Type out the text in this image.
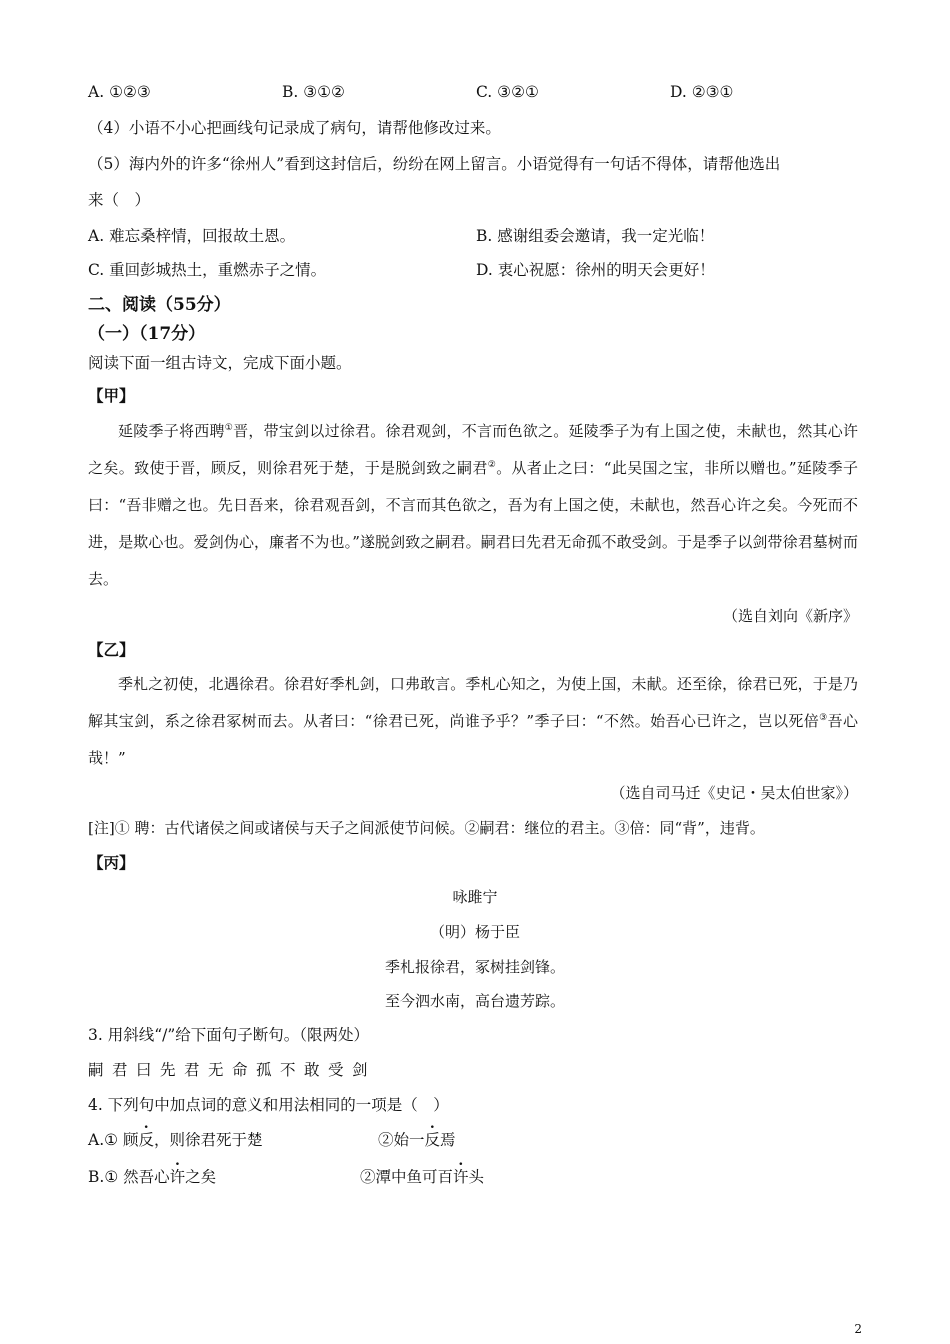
A. ①②③	B. ③①②	C. ③②①	D. ②③①
（4）小语不小心把画线句记录成了病句，请帮他修改过来。
（5）海内外的许多“徐州人”看到这封信后，纷纷在网上留言。小语觉得有一句话不得体，请帮他选出
来（　）
A. 难忘桑梓情，回报故土恩。	B. 感谢组委会邀请，我一定光临！
C. 重回彭城热土，重燃赤子之情。	D. 衷心祝愿：徐州的明天会更好！
二、阅读（55分）
（一）（17分）
阅读下面一组古诗文，完成下面小题。
【甲】
延陵季子将西聘①晋，带宝剑以过徐君。徐君观剑，不言而色欲之。延陵季子为有上国之使，未献也，然其心许之矣。致使于晋，顾反，则徐君死于楚，于是脱剑致之嗣君②。从者止之曰：“此吴国之宝，非所以赠也。”延陵季子曰：“吾非赠之也。先日吾来，徐君观吾剑，不言而其色欲之，吾为有上国之使，未献也，然吾心许之矣。今死而不进，是欺心也。爱剑伪心，廉者不为也。”遂脱剑致之嗣君。嗣君曰先君无命孤不敢受剑。于是季子以剑带徐君墓树而去。
（选自刘向《新序》
【乙】
季札之初使，北遇徐君。徐君好季札剑，口弗敢言。季札心知之，为使上国，未献。还至徐，徐君已死，于是乃解其宝剑，系之徐君冢树而去。从者曰：“徐君已死，尚谁予乎？”季子曰：“不然。始吾心已许之，岂以死倍③吾心哉！”
（选自司马迁《史记・吴太伯世家》）
[注]① 聘：古代诸侯之间或诸侯与天子之间派使节问候。②嗣君：继位的君主。③倍：同“背”，违背。
【丙】
咏雎宁
（明）杨于臣
季札报徐君，冢树挂剑锋。
至今泗水南，高台遗芳踪。
3. 用斜线“/”给下面句子断句。（限两处）
嗣 君 曰 先 君 无 命 孤 不 敢 受 剑
4. 下列句中加点词的意义和用法相同的一项是（　）
A.① 顾反，则徐君死于楚	②始一反焉
B.① 然吾心许之矣	②潭中鱼可百许头
2
